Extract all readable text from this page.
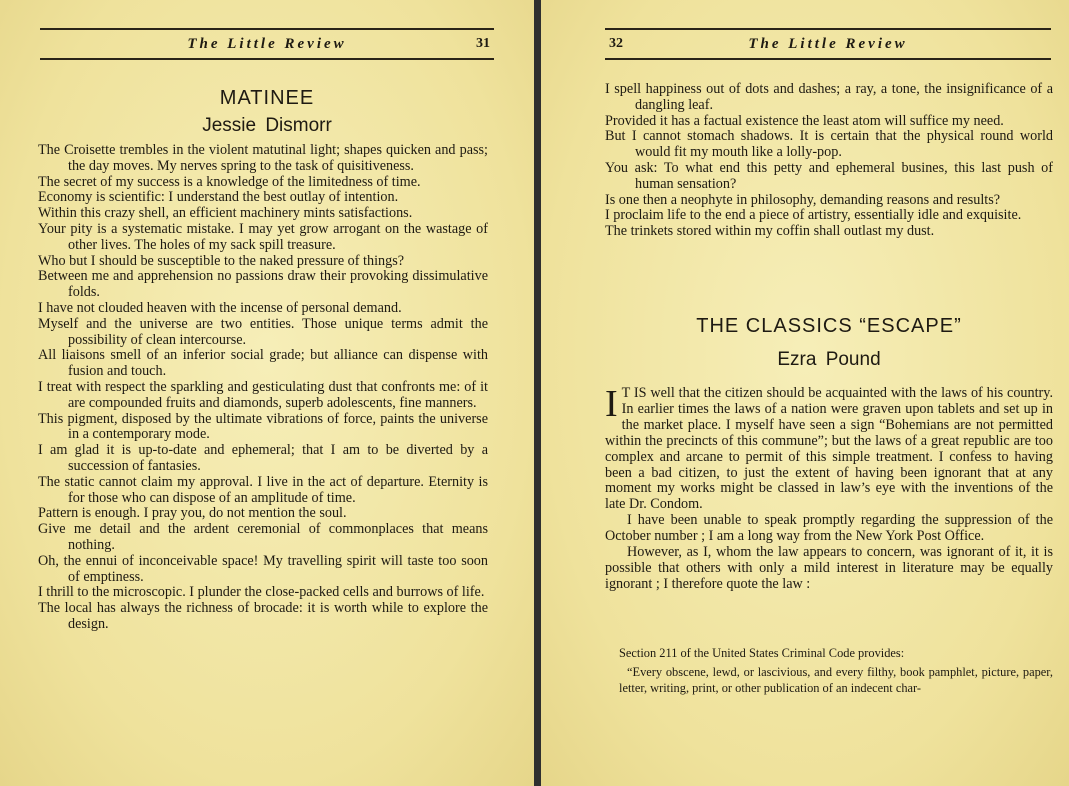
The Little Review	31
MATINEE
Jessie Dismorr
The Croisette trembles in the violent matutinal light; shapes quicken and pass; the day moves. My nerves spring to the task of quisitiveness.
The secret of my success is a knowledge of the limitedness of time.
Economy is scientific: I understand the best outlay of intention.
Within this crazy shell, an efficient machinery mints satisfactions.
Your pity is a systematic mistake. I may yet grow arrogant on the wastage of other lives. The holes of my sack spill treasure.
Who but I should be susceptible to the naked pressure of things?
Between me and apprehension no passions draw their provoking dissimulative folds.
I have not clouded heaven with the incense of personal demand.
Myself and the universe are two entities. Those unique terms admit the possibility of clean intercourse.
All liaisons smell of an inferior social grade; but alliance can dispense with fusion and touch.
I treat with respect the sparkling and gesticulating dust that confronts me: of it are compounded fruits and diamonds, superb adolescents, fine manners.
This pigment, disposed by the ultimate vibrations of force, paints the universe in a contemporary mode.
I am glad it is up-to-date and ephemeral; that I am to be diverted by a succession of fantasies.
The static cannot claim my approval. I live in the act of departure. Eternity is for those who can dispose of an amplitude of time.
Pattern is enough. I pray you, do not mention the soul.
Give me detail and the ardent ceremonial of commonplaces that means nothing.
Oh, the ennui of inconceivable space! My travelling spirit will taste too soon of emptiness.
I thrill to the microscopic. I plunder the close-packed cells and burrows of life.
The local has always the richness of brocade: it is worth while to explore the design.
32	The Little Review
I spell happiness out of dots and dashes; a ray, a tone, the insignificance of a dangling leaf.
Provided it has a factual existence the least atom will suffice my need.
But I cannot stomach shadows. It is certain that the physical round world would fit my mouth like a lolly-pop.
You ask: To what end this petty and ephemeral busines, this last push of human sensation?
Is one then a neophyte in philosophy, demanding reasons and results?
I proclaim life to the end a piece of artistry, essentially idle and exquisite.
The trinkets stored within my coffin shall outlast my dust.
THE CLASSICS “ESCAPE”
Ezra Pound

I T IS well that the citizen should be acquainted with the laws of his country. In earlier times the laws of a nation were graven upon tablets and set up in the market place. I myself have seen a sign “Bohemians are not permitted within the precincts of this commune”; but the laws of a great republic are too complex and arcane to permit of this simple treatment. I confess to having been a bad citizen, to just the extent of having been ignorant that at any moment my works might be classed in law’s eye with the inventions of the late Dr. Condom.

I have been unable to speak promptly regarding the suppression of the October number ; I am a long way from the New York Post Office.

However, as I, whom the law appears to concern, was ignorant of it, it is possible that others with only a mild interest in literature may be equally ignorant ; I therefore quote the law :

Section 211 of the United States Criminal Code provides:

“Every obscene, lewd, or lascivious, and every filthy, book pamphlet, picture, paper, letter, writing, print, or other publication of an indecent char-
